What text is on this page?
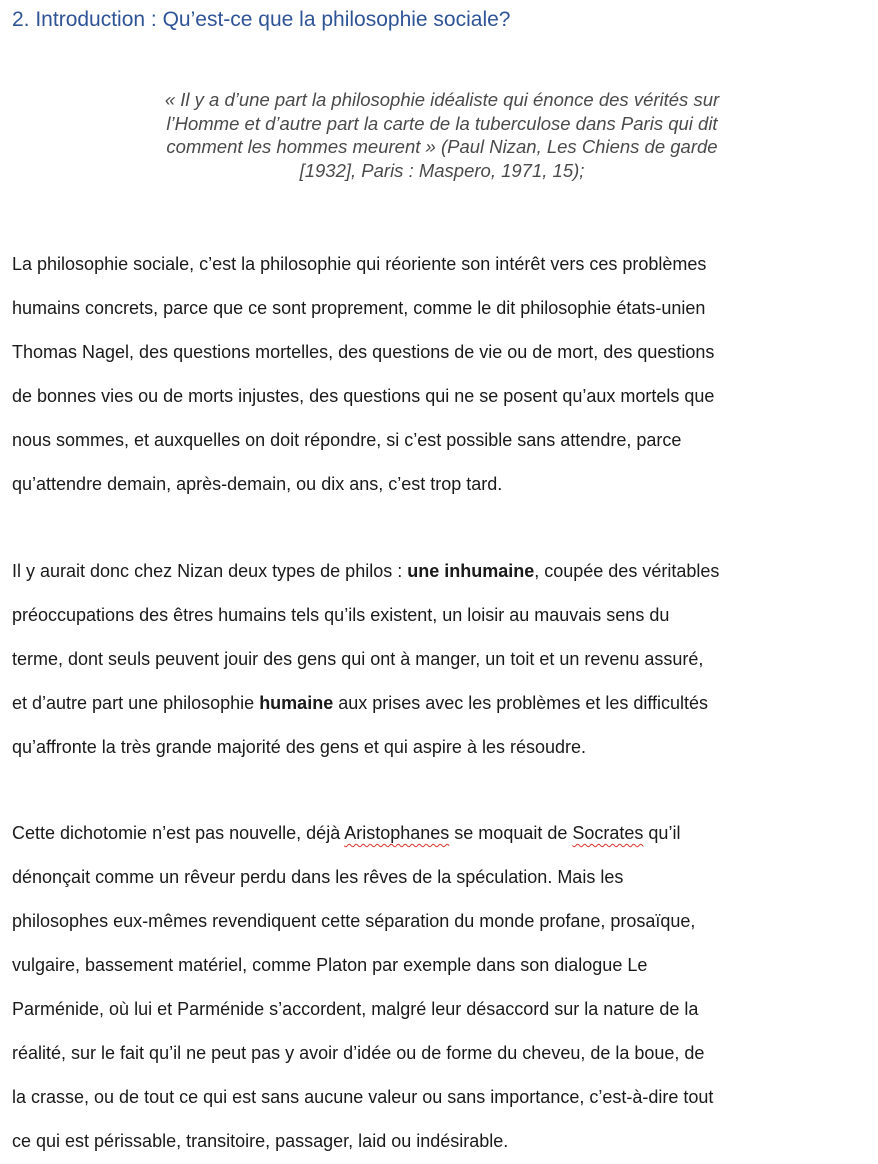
2. Introduction : Qu’est-ce que la philosophie sociale?

« Il y a d’une part la philosophie idéaliste qui énonce des vérités sur
l’Homme et d’autre part la carte de la tuberculose dans Paris qui dit
comment les hommes meurent » (Paul Nizan, Les Chiens de garde
[1932], Paris : Maspero, 1971, 15);

La philosophie sociale, c’est la philosophie qui réoriente son intérêt vers ces problèmes
humains concrets, parce que ce sont proprement, comme le dit philosophie états-unien
Thomas Nagel, des questions mortelles, des questions de vie ou de mort, des questions
de bonnes vies ou de morts injustes, des questions qui ne se posent qu’aux mortels que
nous sommes, et auxquelles on doit répondre, si c’est possible sans attendre, parce
qu’attendre demain, après-demain, ou dix ans, c’est trop tard.

Il y aurait donc chez Nizan deux types de philos : une inhumaine, coupée des véritables
préoccupations des êtres humains tels qu’ils existent, un loisir au mauvais sens du
terme, dont seuls peuvent jouir des gens qui ont à manger, un toit et un revenu assuré,
et d’autre part une philosophie humaine aux prises avec les problèmes et les difficultés
qu’affronte la très grande majorité des gens et qui aspire à les résoudre.

Cette dichotomie n’est pas nouvelle, déjà Aristophanes se moquait de Socrates qu’il
dénonçait comme un rêveur perdu dans les rêves de la spéculation. Mais les
philosophes eux-mêmes revendiquent cette séparation du monde profane, prosaïque,
vulgaire, bassement matériel, comme Platon par exemple dans son dialogue Le
Parménide, où lui et Parménide s’accordent, malgré leur désaccord sur la nature de la
réalité, sur le fait qu’il ne peut pas y avoir d’idée ou de forme du cheveu, de la boue, de
la crasse, ou de tout ce qui est sans aucune valeur ou sans importance, c’est-à-dire tout
ce qui est périssable, transitoire, passager, laid ou indésirable.
